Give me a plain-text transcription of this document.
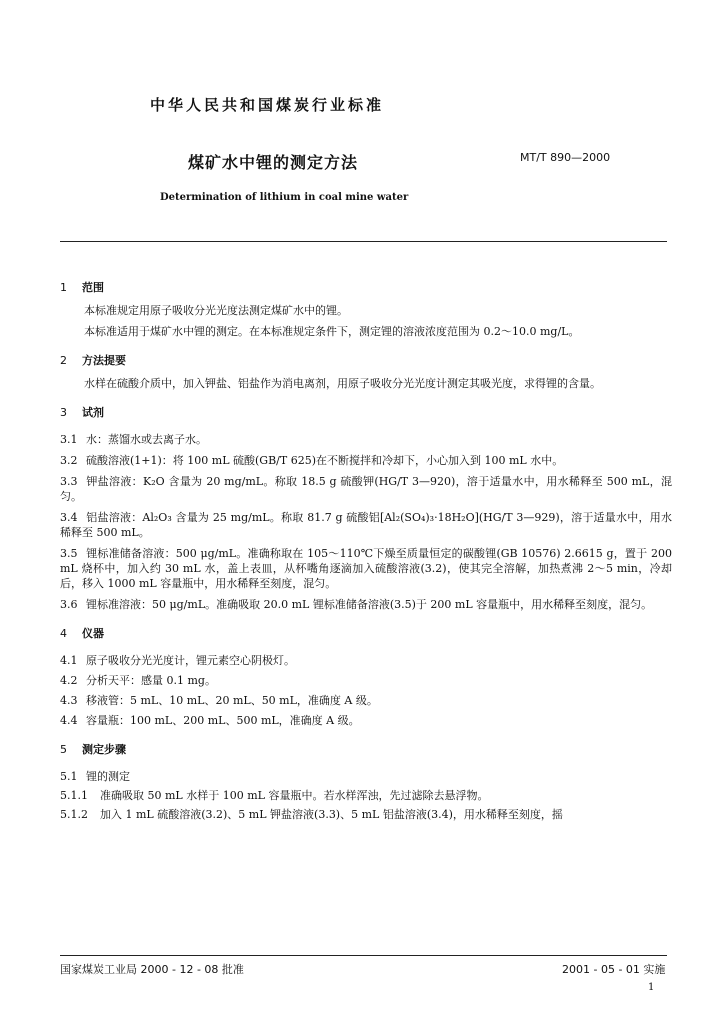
中华人民共和国煤炭行业标准
煤矿水中锂的测定方法	MT/T 890—2000
Determination of lithium in coal mine water
1 范围
本标准规定用原子吸收分光光度法测定煤矿水中的锂。
本标准适用于煤矿水中锂的测定。在本标准规定条件下，测定锂的溶液浓度范围为 0.2～10.0 mg/L。
2 方法提要
水样在硫酸介质中，加入钾盐、铝盐作为消电离剂，用原子吸收分光光度计测定其吸光度，求得锂的含量。
3 试剂
3.1 水：蒸馏水或去离子水。
3.2 硫酸溶液(1+1)：将 100 mL 硫酸(GB/T 625)在不断搅拌和冷却下，小心加入到 100 mL 水中。
3.3 钾盐溶液：K₂O 含量为 20 mg/mL。称取 18.5 g 硫酸钾(HG/T 3—920)，溶于适量水中，用水稀释至 500 mL，混匀。
3.4 铝盐溶液：Al₂O₃ 含量为 25 mg/mL。称取 81.7 g 硫酸铝[Al₂(SO₄)₃·18H₂O](HG/T 3—929)，溶于适量水中，用水稀释至 500 mL。
3.5 锂标准储备溶液：500 μg/mL。准确称取在 105～110℃下燥至质量恒定的碳酸锂(GB 10576) 2.6615 g，置于 200 mL 烧杯中，加入约 30 mL 水，盖上表皿，从杯嘴角逐滴加入硫酸溶液(3.2)，使其完全溶解，加热煮沸 2～5 min，冷却后，移入 1000 mL 容量瓶中，用水稀释至刻度，混匀。
3.6 锂标准溶液：50 μg/mL。准确吸取 20.0 mL 锂标准储备溶液(3.5)于 200 mL 容量瓶中，用水稀释至刻度，混匀。
4 仪器
4.1 原子吸收分光光度计，锂元素空心阴极灯。
4.2 分析天平：感量 0.1 mg。
4.3 移液管：5 mL、10 mL、20 mL、50 mL，准确度 A 级。
4.4 容量瓶：100 mL、200 mL、500 mL，准确度 A 级。
5 测定步骤
5.1 锂的测定
5.1.1 准确吸取 50 mL 水样于 100 mL 容量瓶中。若水样浑浊，先过滤除去悬浮物。
5.1.2 加入 1 mL 硫酸溶液(3.2)、5 mL 钾盐溶液(3.3)、5 mL 铝盐溶液(3.4)，用水稀释至刻度，摇
国家煤炭工业局 2000 - 12 - 08 批准	2001 - 05 - 01 实施
1
